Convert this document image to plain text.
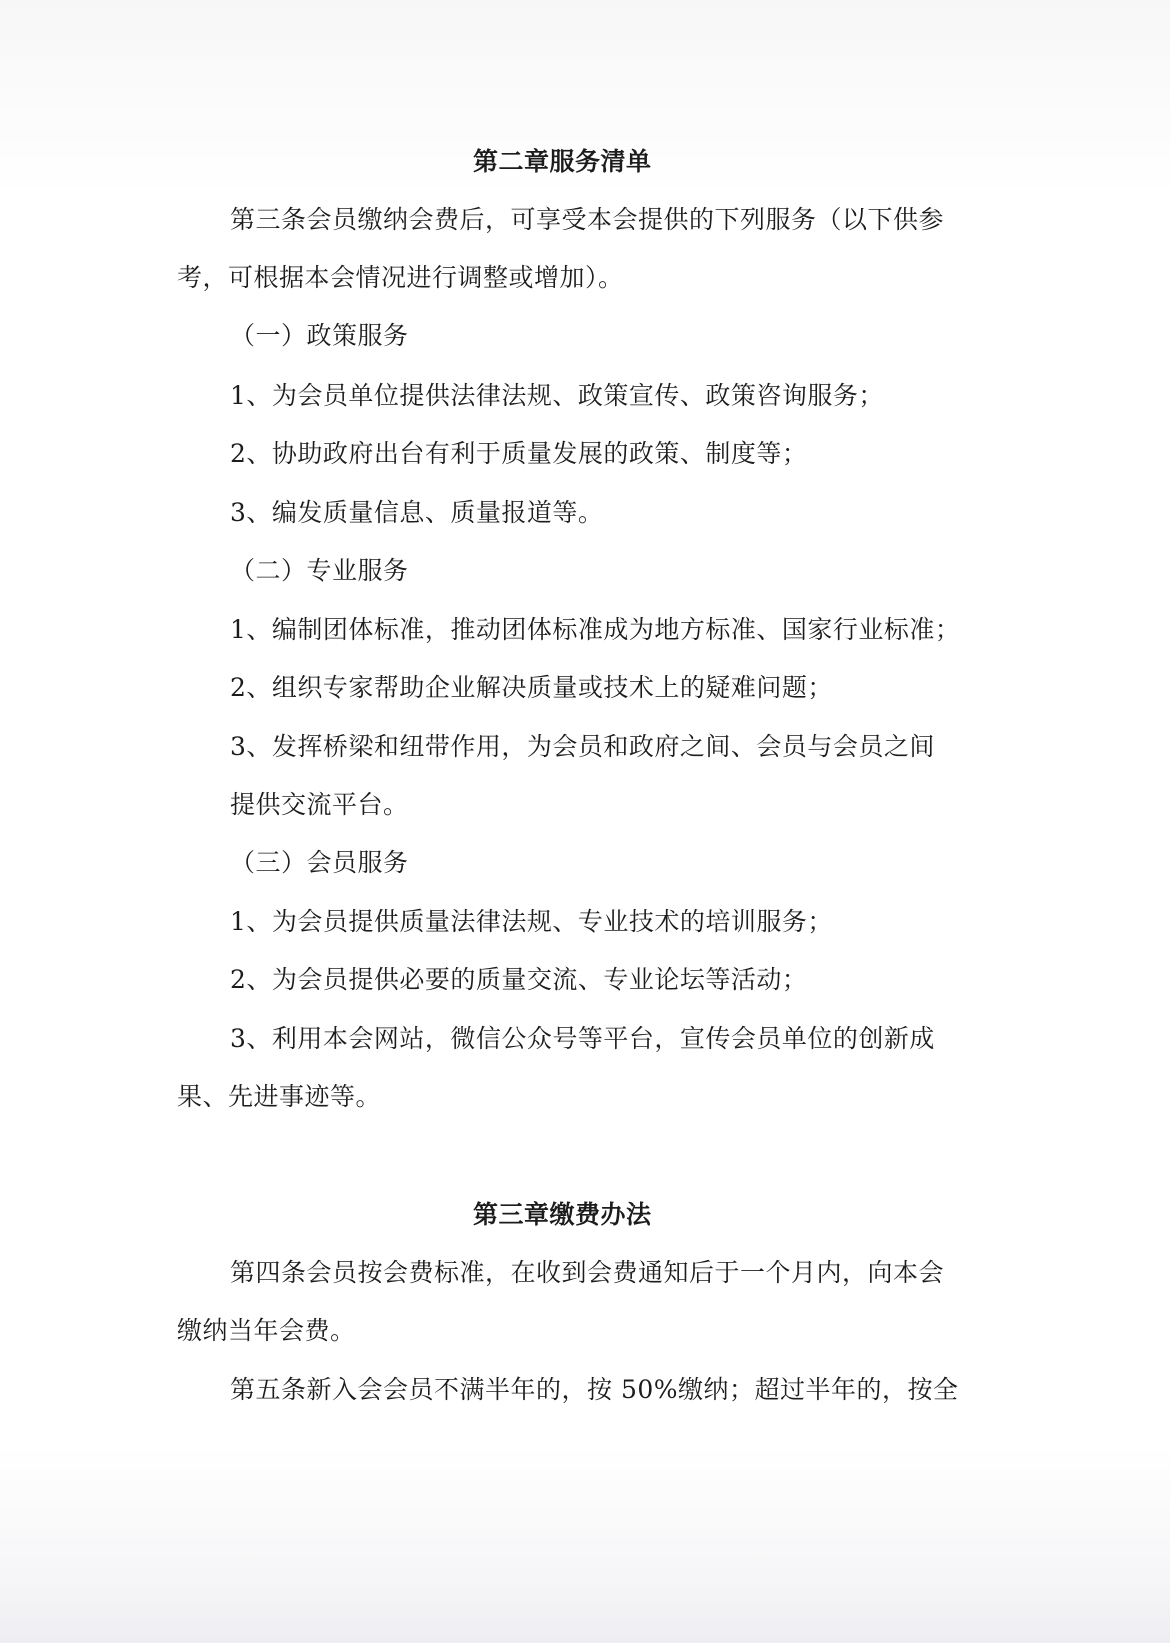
第二章服务清单
第三条会员缴纳会费后，可享受本会提供的下列服务（以下供参
考，可根据本会情况进行调整或增加）。
（一）政策服务
1、为会员单位提供法律法规、政策宣传、政策咨询服务；
2、协助政府出台有利于质量发展的政策、制度等；
3、编发质量信息、质量报道等。
（二）专业服务
1、编制团体标准，推动团体标准成为地方标准、国家行业标准；
2、组织专家帮助企业解决质量或技术上的疑难问题；
3、发挥桥梁和纽带作用，为会员和政府之间、会员与会员之间
提供交流平台。
（三）会员服务
1、为会员提供质量法律法规、专业技术的培训服务；
2、为会员提供必要的质量交流、专业论坛等活动；
3、利用本会网站，微信公众号等平台，宣传会员单位的创新成
果、先进事迹等。
第三章缴费办法
第四条会员按会费标准，在收到会费通知后于一个月内，向本会
缴纳当年会费。
第五条新入会会员不满半年的，按 50%缴纳；超过半年的，按全
